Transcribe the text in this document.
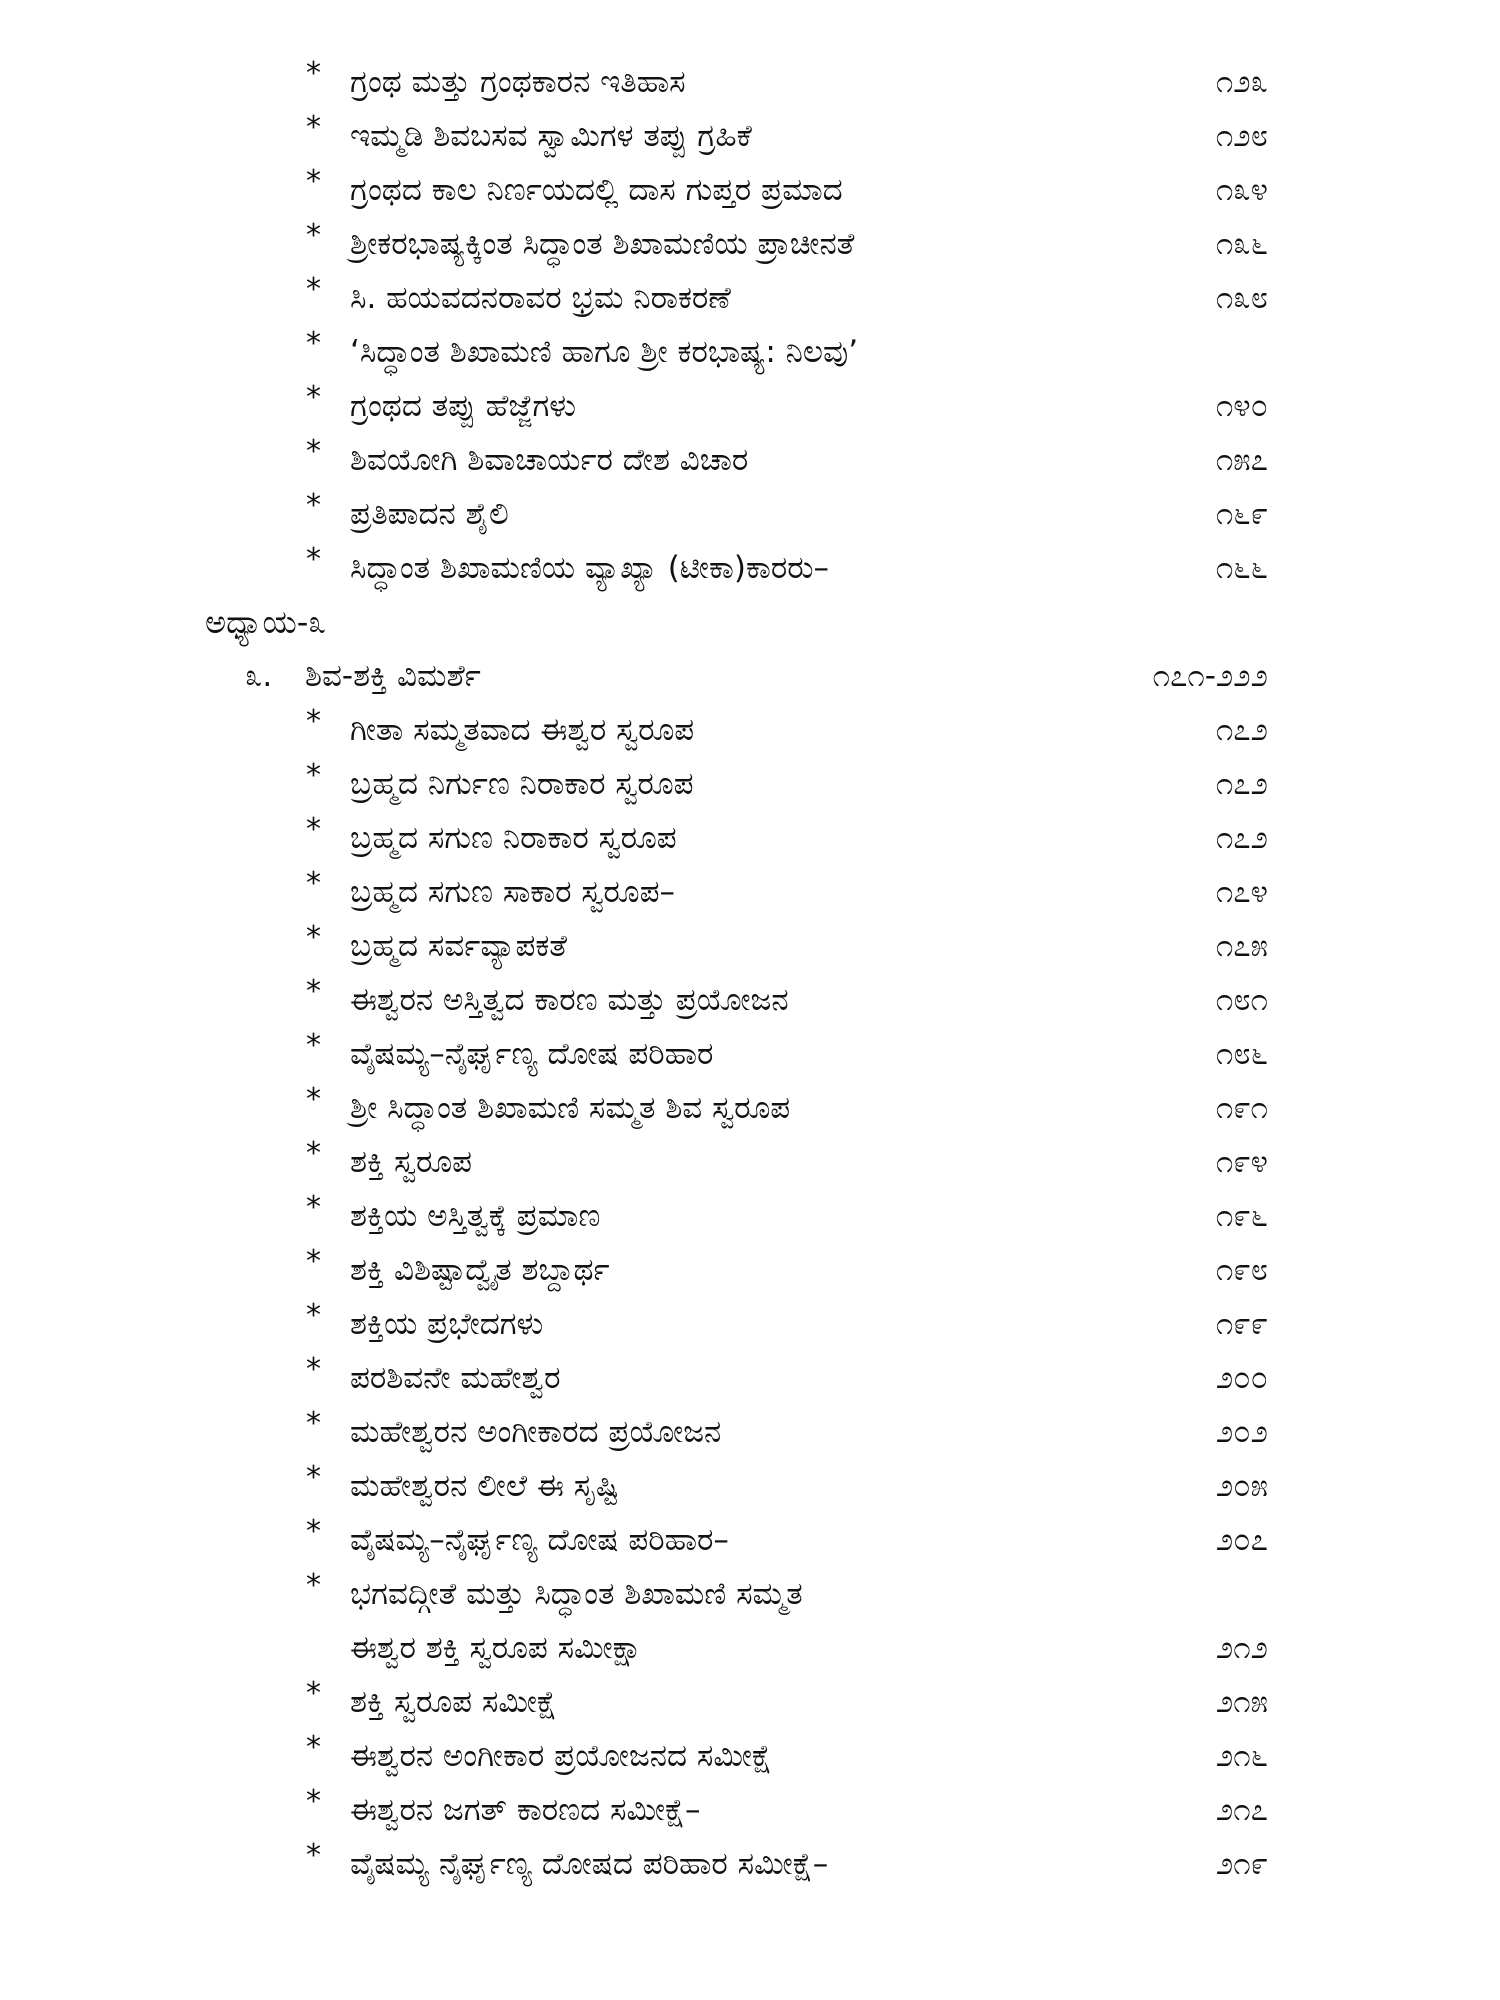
* ಗ್ರಂಥ ಮತ್ತು ಗ್ರಂಥಕಾರನ ಇತಿಹಾಸ	೧೨೩
* ಇಮ್ಮಡಿ ಶಿವಬಸವ ಸ್ವಾಮಿಗಳ ತಪ್ಪು ಗ್ರಹಿಕೆ	೧೨೮
* ಗ್ರಂಥದ ಕಾಲ ನಿರ್ಣಯದಲ್ಲಿ ದಾಸ ಗುಪ್ತರ ಪ್ರಮಾದ	೧೩೪
* ಶ್ರೀಕರಭಾಷ್ಯಕ್ಕಿಂತ ಸಿದ್ಧಾಂತ ಶಿಖಾಮಣಿಯ ಪ್ರಾಚೀನತೆ	೧೩೬
* ಸಿ. ಹಯವದನರಾವರ ಭ್ರಮ ನಿರಾಕರಣೆ	೧೩೮
* ‘ಸಿದ್ಧಾಂತ ಶಿಖಾಮಣಿ ಹಾಗೂ ಶ್ರೀ ಕರಭಾಷ್ಯ: ನಿಲವು’
* ಗ್ರಂಥದ ತಪ್ಪು ಹೆಜ್ಜೆಗಳು	೧೪೦
* ಶಿವಯೋಗಿ ಶಿವಾಚಾರ್ಯರ ದೇಶ ವಿಚಾರ	೧೫೭
* ಪ್ರತಿಪಾದನ ಶೈಲಿ	೧೬೯
* ಸಿದ್ಧಾಂತ ಶಿಖಾಮಣಿಯ ವ್ಯಾಖ್ಯಾ (ಟೀಕಾ)ಕಾರರು–	೧೬೬
ಅಧ್ಯಾಯ-೩
೩. ಶಿವ-ಶಕ್ತಿ ವಿಮರ್ಶೆ	೧೭೧-೨೨೨
* ಗೀತಾ ಸಮ್ಮತವಾದ ಈಶ್ವರ ಸ್ವರೂಪ	೧೭೨
* ಬ್ರಹ್ಮದ ನಿರ್ಗುಣ ನಿರಾಕಾರ ಸ್ವರೂಪ	೧೭೨
* ಬ್ರಹ್ಮದ ಸಗುಣ ನಿರಾಕಾರ ಸ್ವರೂಪ	೧೭೨
* ಬ್ರಹ್ಮದ ಸಗುಣ ಸಾಕಾರ ಸ್ವರೂಪ–	೧೭೪
* ಬ್ರಹ್ಮದ ಸರ್ವವ್ಯಾಪಕತೆ	೧೭೫
* ಈಶ್ವರನ ಅಸ್ತಿತ್ವದ ಕಾರಣ ಮತ್ತು ಪ್ರಯೋಜನ	೧೮೧
* ವೈಷಮ್ಯ–ನೈರ್ಘೃಣ್ಯ ದೋಷ ಪರಿಹಾರ	೧೮೬
* ಶ್ರೀ ಸಿದ್ಧಾಂತ ಶಿಖಾಮಣಿ ಸಮ್ಮತ ಶಿವ ಸ್ವರೂಪ	೧೯೧
* ಶಕ್ತಿ ಸ್ವರೂಪ	೧೯೪
* ಶಕ್ತಿಯ ಅಸ್ತಿತ್ವಕ್ಕೆ ಪ್ರಮಾಣ	೧೯೬
* ಶಕ್ತಿ ವಿಶಿಷ್ಟಾದ್ವೈತ ಶಬ್ದಾರ್ಥ	೧೯೮
* ಶಕ್ತಿಯ ಪ್ರಭೇದಗಳು	೧೯೯
* ಪರಶಿವನೇ ಮಹೇಶ್ವರ	೨೦೦
* ಮಹೇಶ್ವರನ ಅಂಗೀಕಾರದ ಪ್ರಯೋಜನ	೨೦೨
* ಮಹೇಶ್ವರನ ಲೀಲೆ ಈ ಸೃಷ್ಟಿ	೨೦೫
* ವೈಷಮ್ಯ–ನೈರ್ಘೃಣ್ಯ ದೋಷ ಪರಿಹಾರ–	೨೦೭
* ಭಗವದ್ಗೀತೆ ಮತ್ತು ಸಿದ್ಧಾಂತ ಶಿಖಾಮಣಿ ಸಮ್ಮತ
ಈಶ್ವರ ಶಕ್ತಿ ಸ್ವರೂಪ ಸಮೀಕ್ಷಾ	೨೧೨
* ಶಕ್ತಿ ಸ್ವರೂಪ ಸಮೀಕ್ಷೆ	೨೧೫
* ಈಶ್ವರನ ಅಂಗೀಕಾರ ಪ್ರಯೋಜನದ ಸಮೀಕ್ಷೆ	೨೧೬
* ಈಶ್ವರನ ಜಗತ್ ಕಾರಣದ ಸಮೀಕ್ಷೆ–	೨೧೭
* ವೈಷಮ್ಯ ನೈರ್ಘೃಣ್ಯ ದೋಷದ ಪರಿಹಾರ ಸಮೀಕ್ಷೆ–	೨೧೯
